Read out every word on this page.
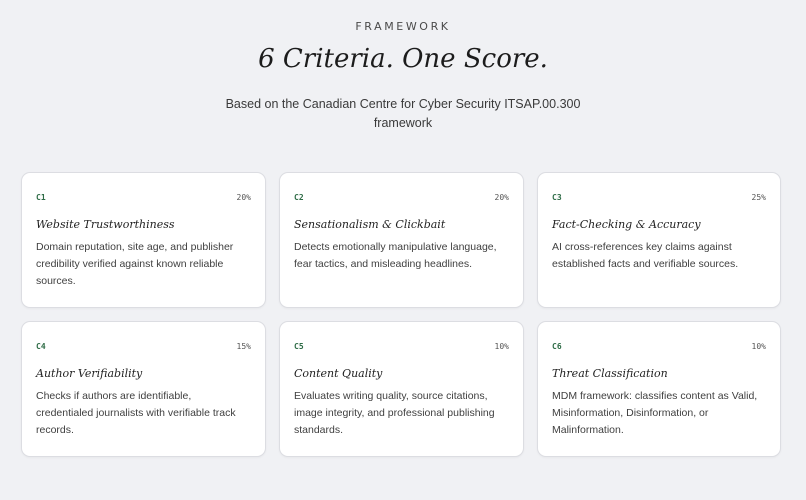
FRAMEWORK
6 Criteria. One Score.

Based on the Canadian Centre for Cyber Security ITSAP.00.300
framework

C1	20%
Website Trustworthiness
Domain reputation, site age, and publisher credibility verified against known reliable sources.
C2	20%
Sensationalism & Clickbait
Detects emotionally manipulative language, fear tactics, and misleading headlines.
C3	25%
Fact-Checking & Accuracy
AI cross-references key claims against established facts and verifiable sources.
C4	15%
Author Verifiability
Checks if authors are identifiable, credentialed journalists with verifiable track records.
C5	10%
Content Quality
Evaluates writing quality, source citations, image integrity, and professional publishing standards.
C6	10%
Threat Classification
MDM framework: classifies content as Valid, Misinformation, Disinformation, or Malinformation.
